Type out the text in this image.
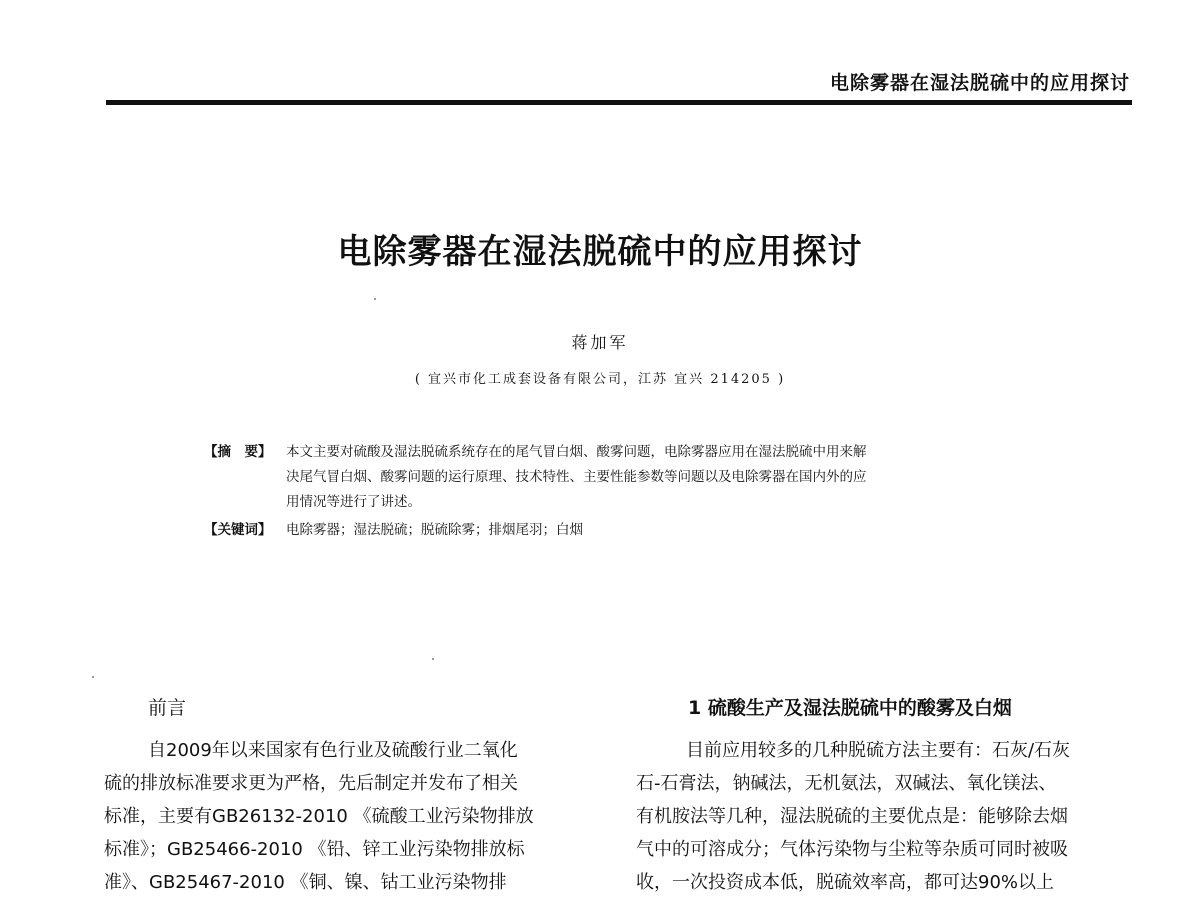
电除雾器在湿法脱硫中的应用探讨
电除雾器在湿法脱硫中的应用探讨
蒋加军
( 宜兴市化工成套设备有限公司，江苏 宜兴 214205 )
【摘　要】	本文主要对硫酸及湿法脱硫系统存在的尾气冒白烟、酸雾问题，电除雾器应用在湿法脱硫中用来解
决尾气冒白烟、酸雾问题的运行原理、技术特性、主要性能参数等问题以及电除雾器在国内外的应
用情况等进行了讲述。
【关键词】	电除雾器；湿法脱硫；脱硫除雾；排烟尾羽；白烟
前言
自2009年以来国家有色行业及硫酸行业二氧化
硫的排放标准要求更为严格，先后制定并发布了相关
标准，主要有GB26132-2010 《硫酸工业污染物排放
标准》；GB25466-2010 《铅、锌工业污染物排放标
准》、GB25467-2010 《铜、镍、钴工业污染物排
1 硫酸生产及湿法脱硫中的酸雾及白烟
目前应用较多的几种脱硫方法主要有：石灰/石灰
石-石膏法，钠碱法，无机氨法，双碱法、氧化镁法、
有机胺法等几种，湿法脱硫的主要优点是：能够除去烟
气中的可溶成分；气体污染物与尘粒等杂质可同时被吸
收，一次投资成本低，脱硫效率高，都可达90%以上
